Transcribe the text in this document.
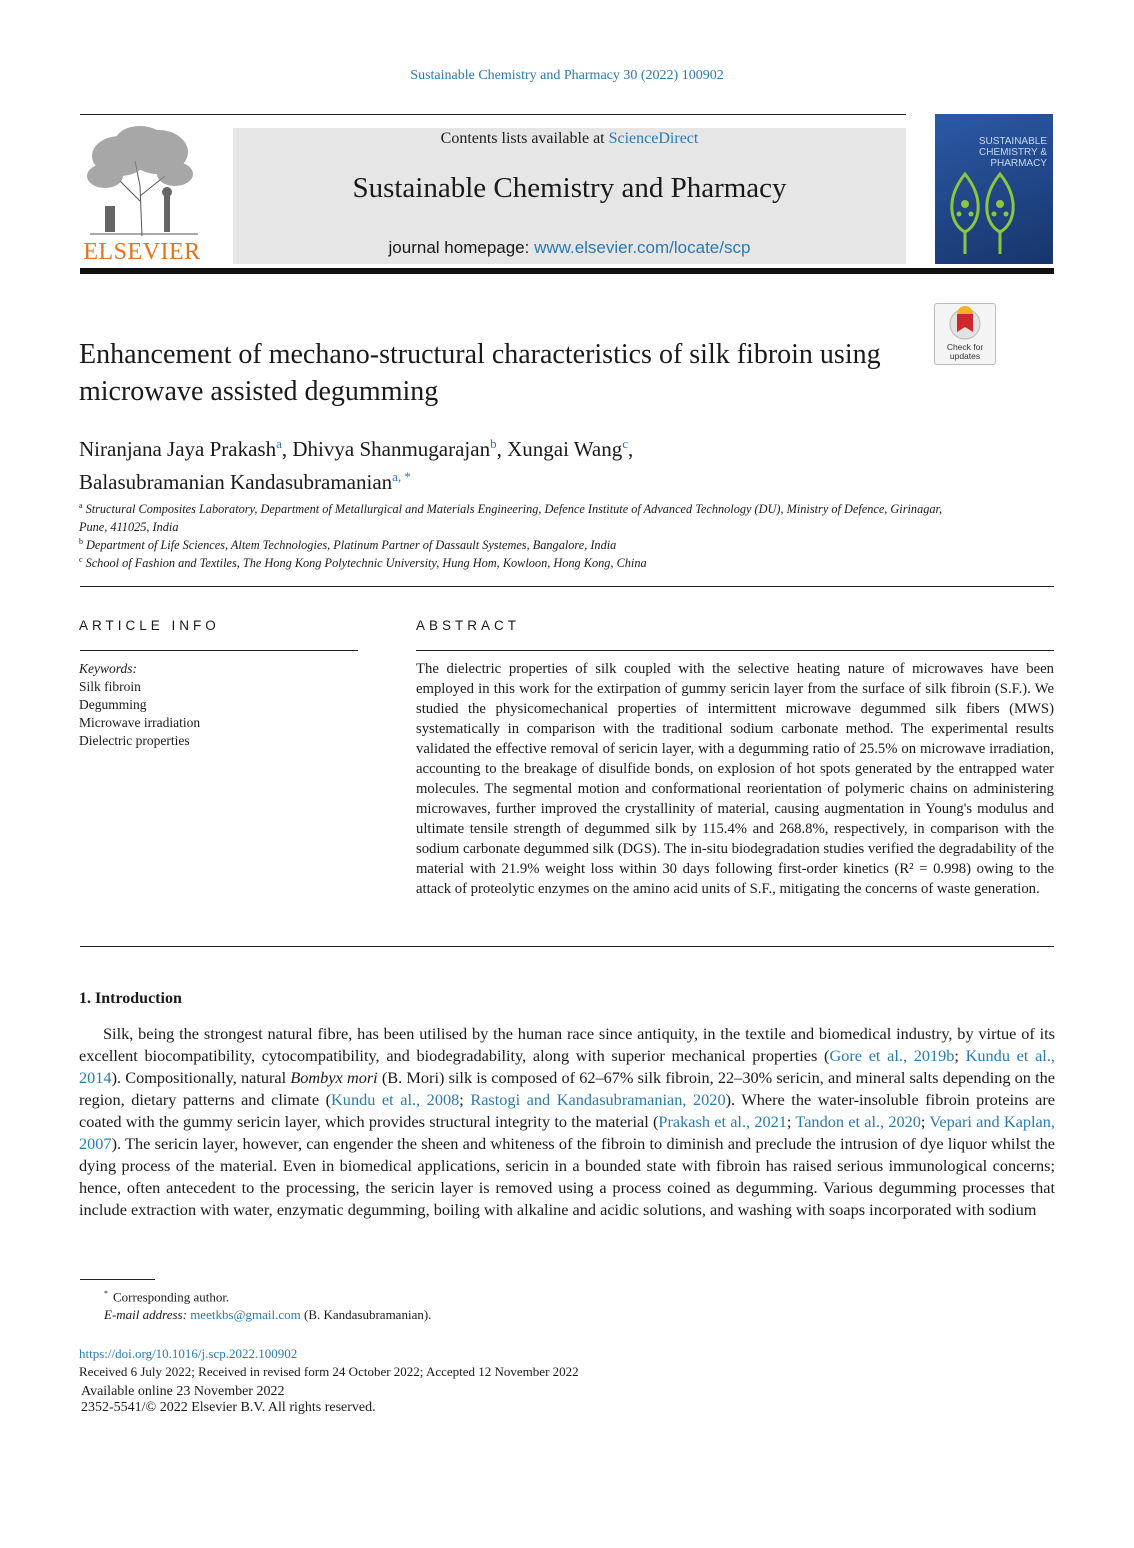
Sustainable Chemistry and Pharmacy 30 (2022) 100902
ELSEVIER
Contents lists available at ScienceDirect
Sustainable Chemistry and Pharmacy
journal homepage: www.elsevier.com/locate/scp
SUSTAINABLE CHEMISTRY & PHARMACY
Check for updates
Enhancement of mechano-structural characteristics of silk fibroin using microwave assisted degumming
Niranjana Jaya Prakash$^a$, Dhivya Shanmugarajan$^b$, Xungai Wang$^c$,
Balasubramanian Kandasubramanian$^{a, *}$
$^a$ Structural Composites Laboratory, Department of Metallurgical and Materials Engineering, Defence Institute of Advanced Technology (DU), Ministry of Defence, Girinagar, Pune, 411025, India
$^b$ Department of Life Sciences, Altem Technologies, Platinum Partner of Dassault Systemes, Bangalore, India
$^c$ School of Fashion and Textiles, The Hong Kong Polytechnic University, Hung Hom, Kowloon, Hong Kong, China
ARTICLE INFO	ABSTRACT
Keywords:
Silk fibroin
Degumming
Microwave irradiation
Dielectric properties
The dielectric properties of silk coupled with the selective heating nature of microwaves have been employed in this work for the extirpation of gummy sericin layer from the surface of silk fibroin (S.F.). We studied the physicomechanical properties of intermittent microwave degummed silk fibers (MWS) systematically in comparison with the traditional sodium carbonate method. The experimental results validated the effective removal of sericin layer, with a degumming ratio of 25.5% on microwave irradiation, accounting to the breakage of disulfide bonds, on explosion of hot spots generated by the entrapped water molecules. The segmental motion and conformational reorientation of polymeric chains on administering microwaves, further improved the crystallinity of material, causing augmentation in Young's modulus and ultimate tensile strength of degummed silk by 115.4% and 268.8%, respectively, in comparison with the sodium carbonate degummed silk (DGS). The in-situ biodegradation studies verified the degradability of the material with 21.9% weight loss within 30 days following first-order kinetics (R² = 0.998) owing to the attack of proteolytic enzymes on the amino acid units of S.F., mitigating the concerns of waste generation.
1. Introduction
Silk, being the strongest natural fibre, has been utilised by the human race since antiquity, in the textile and biomedical industry, by virtue of its excellent biocompatibility, cytocompatibility, and biodegradability, along with superior mechanical properties (Gore et al., 2019b; Kundu et al., 2014). Compositionally, natural Bombyx mori (B. Mori) silk is composed of 62–67% silk fibroin, 22–30% sericin, and mineral salts depending on the region, dietary patterns and climate (Kundu et al., 2008; Rastogi and Kandasubramanian, 2020). Where the water-insoluble fibroin proteins are coated with the gummy sericin layer, which provides structural integrity to the material (Prakash et al., 2021; Tandon et al., 2020; Vepari and Kaplan, 2007). The sericin layer, however, can engender the sheen and whiteness of the fibroin to diminish and preclude the intrusion of dye liquor whilst the dying process of the material. Even in biomedical applications, sericin in a bounded state with fibroin has raised serious immunological concerns; hence, often antecedent to the processing, the sericin layer is removed using a process coined as degumming. Various degumming processes that include extraction with water, enzymatic degumming, boiling with alkaline and acidic solutions, and washing with soaps incorporated with sodium
* Corresponding author.
E-mail address: meetkbs@gmail.com (B. Kandasubramanian).
https://doi.org/10.1016/j.scp.2022.100902
Received 6 July 2022; Received in revised form 24 October 2022; Accepted 12 November 2022
Available online 23 November 2022
2352-5541/© 2022 Elsevier B.V. All rights reserved.
